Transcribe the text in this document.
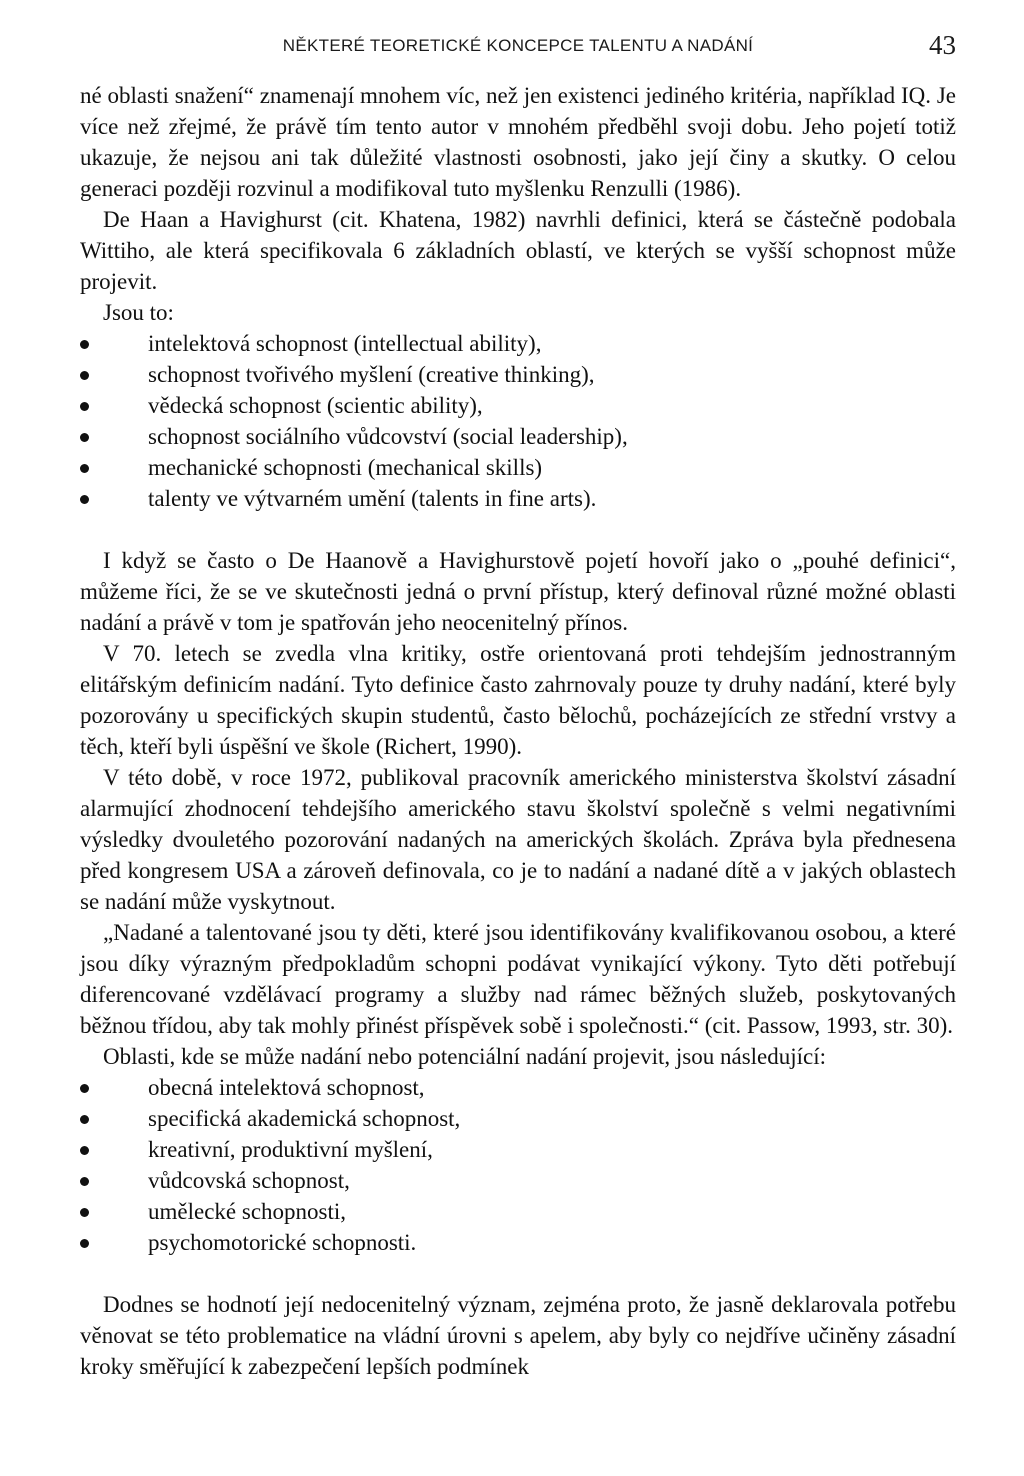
NĚKTERÉ TEORETICKÉ KONCEPCE TALENTU A NADÁNÍ	43

né oblasti snažení“ znamenají mnohem víc, než jen existenci jediného kritéria, například IQ. Je více než zřejmé, že právě tím tento autor v mnohém předběhl svoji dobu. Jeho pojetí totiž ukazuje, že nejsou ani tak důležité vlastnosti osobnosti, jako její činy a skutky. O celou generaci později rozvinul a modifikoval tuto myšlenku Renzulli (1986).

De Haan a Havighurst (cit. Khatena, 1982) navrhli definici, která se částečně podobala Wittiho, ale která specifikovala 6 základních oblastí, ve kterých se vyšší schopnost může projevit.

Jsou to:

intelektová schopnost (intellectual ability),
schopnost tvořivého myšlení (creative thinking),
vědecká schopnost (scientic ability),
schopnost sociálního vůdcovství (social leadership),
mechanické schopnosti (mechanical skills)
talenty ve výtvarném umění (talents in fine arts).

I když se často o De Haanově a Havighurstově pojetí hovoří jako o „pouhé definici“, můžeme říci, že se ve skutečnosti jedná o první přístup, který definoval různé možné oblasti nadání a právě v tom je spatřován jeho neocenitelný přínos.

V 70. letech se zvedla vlna kritiky, ostře orientovaná proti tehdejším jednostranným elitářským definicím nadání. Tyto definice často zahrnovaly pouze ty druhy nadání, které byly pozorovány u specifických skupin studentů, často bělochů, pocházejících ze střední vrstvy a těch, kteří byli úspěšní ve škole (Richert, 1990).

V této době, v roce 1972, publikoval pracovník amerického ministerstva školství zásadní alarmující zhodnocení tehdejšího amerického stavu školství společně s velmi negativními výsledky dvouletého pozorování nadaných na amerických školách. Zpráva byla přednesena před kongresem USA a zároveň definovala, co je to nadání a nadané dítě a v jakých oblastech se nadání může vyskytnout.

„Nadané a talentované jsou ty děti, které jsou identifikovány kvalifikovanou osobou, a které jsou díky výrazným předpokladům schopni podávat vynikající výkony. Tyto děti potřebují diferencované vzdělávací programy a služby nad rámec běžných služeb, poskytovaných běžnou třídou, aby tak mohly přinést příspěvek sobě i společnosti.“ (cit. Passow, 1993, str. 30).

Oblasti, kde se může nadání nebo potenciální nadání projevit, jsou následující:

obecná intelektová schopnost,
specifická akademická schopnost,
kreativní, produktivní myšlení,
vůdcovská schopnost,
umělecké schopnosti,
psychomotorické schopnosti.

Dodnes se hodnotí její nedocenitelný význam, zejména proto, že jasně deklarovala potřebu věnovat se této problematice na vládní úrovni s apelem, aby byly co nejdříve učiněny zásadní kroky směřující k zabezpečení lepších podmínek
